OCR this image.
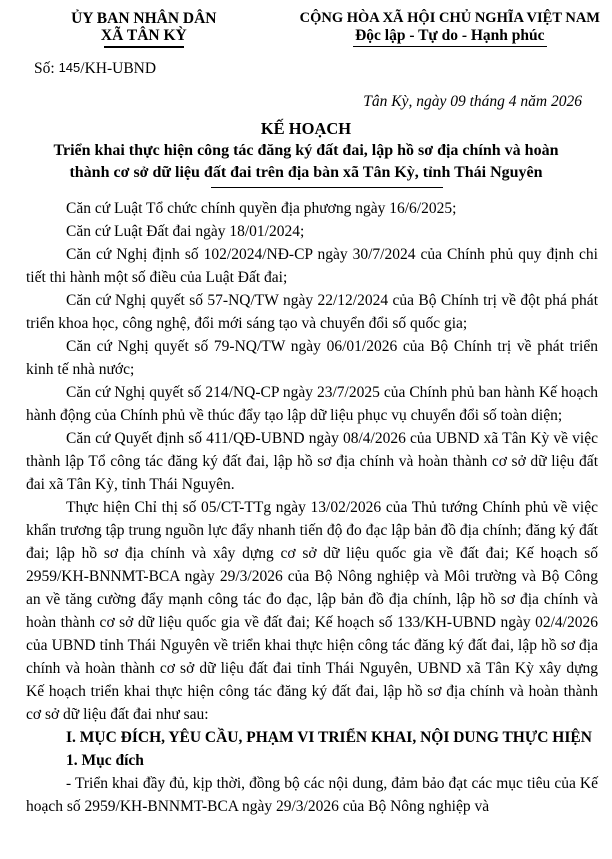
ỦY BAN NHÂN DÂN
XÃ TÂN KỲ
Số: 145/KH-UBND
CỘNG HÒA XÃ HỘI CHỦ NGHĨA VIỆT NAM
Độc lập - Tự do - Hạnh phúc
Tân Kỳ, ngày 09 tháng 4 năm 2026
KẾ HOẠCH
Triển khai thực hiện công tác đăng ký đất đai, lập hồ sơ địa chính và hoàn thành cơ sở dữ liệu đất đai trên địa bàn xã Tân Kỳ, tỉnh Thái Nguyên

Căn cứ Luật Tổ chức chính quyền địa phương ngày 16/6/2025;

Căn cứ Luật Đất đai ngày 18/01/2024;

Căn cứ Nghị định số 102/2024/NĐ-CP ngày 30/7/2024 của Chính phủ quy định chi tiết thi hành một số điều của Luật Đất đai;

Căn cứ Nghị quyết số 57-NQ/TW ngày 22/12/2024 của Bộ Chính trị về đột phá phát triển khoa học, công nghệ, đổi mới sáng tạo và chuyển đổi số quốc gia;

Căn cứ Nghị quyết số 79-NQ/TW ngày 06/01/2026 của Bộ Chính trị về phát triển kinh tế nhà nước;

Căn cứ Nghị quyết số 214/NQ-CP ngày 23/7/2025 của Chính phủ ban hành Kế hoạch hành động của Chính phủ về thúc đẩy tạo lập dữ liệu phục vụ chuyển đổi số toàn diện;

Căn cứ Quyết định số 411/QĐ-UBND ngày 08/4/2026 của UBND xã Tân Kỳ về việc thành lập Tổ công tác đăng ký đất đai, lập hồ sơ địa chính và hoàn thành cơ sở dữ liệu đất đai xã Tân Kỳ, tỉnh Thái Nguyên.

Thực hiện Chỉ thị số 05/CT-TTg ngày 13/02/2026 của Thủ tướng Chính phủ về việc khẩn trương tập trung nguồn lực đẩy nhanh tiến độ đo đạc lập bản đồ địa chính; đăng ký đất đai; lập hồ sơ địa chính và xây dựng cơ sở dữ liệu quốc gia về đất đai; Kế hoạch số 2959/KH-BNNMT-BCA ngày 29/3/2026 của Bộ Nông nghiệp và Môi trường và Bộ Công an về tăng cường đẩy mạnh công tác đo đạc, lập bản đồ địa chính, lập hồ sơ địa chính và hoàn thành cơ sở dữ liệu quốc gia về đất đai; Kế hoạch số 133/KH-UBND ngày 02/4/2026 của UBND tỉnh Thái Nguyên về triển khai thực hiện công tác đăng ký đất đai, lập hồ sơ địa chính và hoàn thành cơ sở dữ liệu đất đai tỉnh Thái Nguyên, UBND xã Tân Kỳ xây dựng Kế hoạch triển khai thực hiện công tác đăng ký đất đai, lập hồ sơ địa chính và hoàn thành cơ sở dữ liệu đất đai như sau:

I. MỤC ĐÍCH, YÊU CẦU, PHẠM VI TRIỂN KHAI, NỘI DUNG THỰC HIỆN

1. Mục đích

- Triển khai đầy đủ, kịp thời, đồng bộ các nội dung, đảm bảo đạt các mục tiêu của Kế hoạch số 2959/KH-BNNMT-BCA ngày 29/3/2026 của Bộ Nông nghiệp và
